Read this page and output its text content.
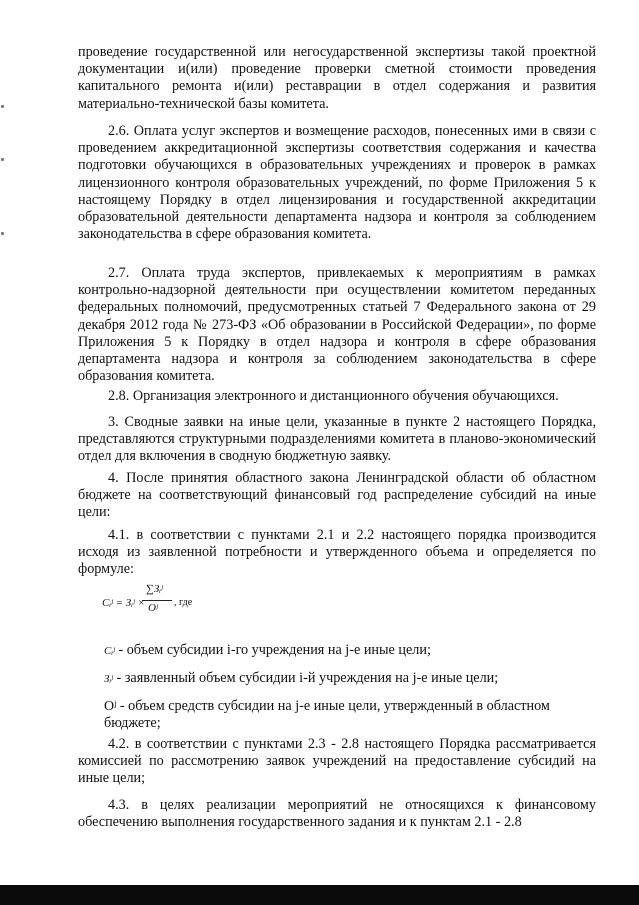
проведение государственной или негосударственной экспертизы такой проектной документации и(или) проведение проверки сметной стоимости проведения капитального ремонта и(или) реставрации в отдел содержания и развития материально-технической базы комитета.

2.6. Оплата услуг экспертов и возмещение расходов, понесенных ими в связи с проведением аккредитационной экспертизы соответствия содержания и качества подготовки обучающихся в образовательных учреждениях и проверок в рамках лицензионного контроля образовательных учреждений, по форме Приложения 5 к настоящему Порядку в отдел лицензирования и государственной аккредитации образовательной деятельности департамента надзора и контроля за соблюдением законодательства в сфере образования комитета.

2.7. Оплата труда экспертов, привлекаемых к мероприятиям в рамках контрольно-надзорной деятельности при осуществлении комитетом переданных федеральных полномочий, предусмотренных статьей 7 Федерального закона от 29 декабря 2012 года № 273-ФЗ «Об образовании в Российской Федерации», по форме Приложения 5 к Порядку в отдел надзора и контроля в сфере образования департамента надзора и контроля за соблюдением законодательства в сфере образования комитета.

2.8. Организация электронного и дистанционного обучения обучающихся.

3. Сводные заявки на иные цели, указанные в пункте 2 настоящего Порядка, представляются структурными подразделениями комитета в планово-экономический отдел для включения в сводную бюджетную заявку.

4. После принятия областного закона Ленинградской области об областном бюджете на соответствующий финансовый год распределение субсидий на иные цели:

4.1. в соответствии с пунктами 2.1 и 2.2 настоящего порядка производится исходя из заявленной потребности и утвержденного объема и определяется по формуле:

Cᵢʲ = Зᵢʲ ×
∑Зᵢʲ
Oʲ , где

Cᵢʲ - объем субсидии i-го учреждения на j-е иные цели;

Зᵢʲ - заявленный объем субсидии i-й учреждения на j-е иные цели;

Oʲ - объем средств субсидии на j-е иные цели, утвержденный в областном бюджете;

4.2. в соответствии с пунктами 2.3 - 2.8 настоящего Порядка рассматривается комиссией по рассмотрению заявок учреждений на предоставление субсидий на иные цели;

4.3. в целях реализации мероприятий не относящихся к финансовому обеспечению выполнения государственного задания и к пунктам 2.1 - 2.8
